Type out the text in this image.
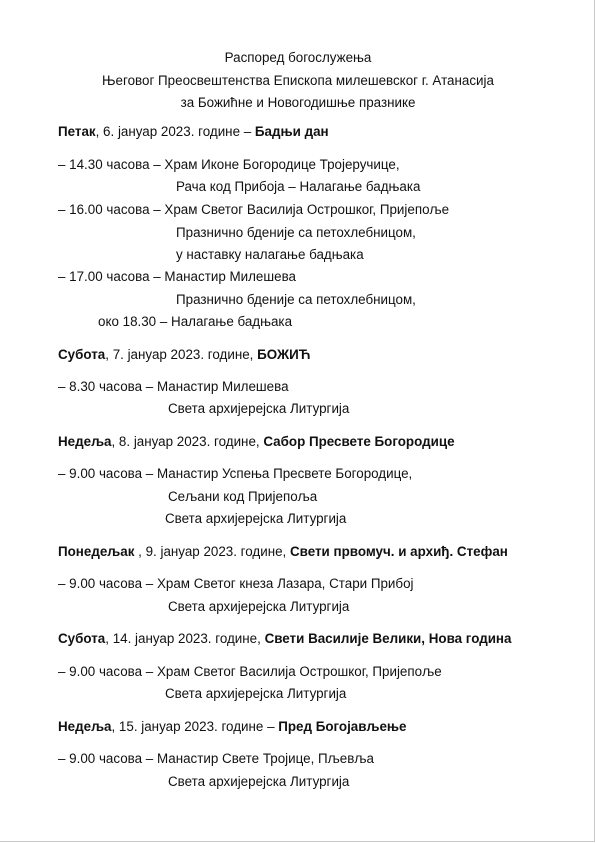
Распоред богослужења
Његовог Преосвештенства Епископа милешевског г. Атанасија
за Божићне и Новогодишње празнике
Петак, 6. јануар 2023. године – Бадњи дан
– 14.30 часова – Храм Иконе Богородице Тројеручице,
Рача код Прибоја – Налагање бадњака
– 16.00 часова – Храм Светог Василија Острошког, Пријепоље
Празнично бденије са петохлебницом,
у наставку налагање бадњака
– 17.00 часова – Манастир Милешева
Празнично бденије са петохлебницом,
око 18.30 – Налагање бадњака
Субота, 7. јануар 2023. године, БОЖИЋ
– 8.30 часова – Манастир Милешева
Света архијерејска Литургија
Недеља, 8. јануар 2023. године, Сабор Пресвете Богородице
– 9.00 часова – Манастир Успења Пресвете Богородице,
Сељани код Пријепоља
Света архијерејска Литургија
Понедељак , 9. јануар 2023. године, Свети првомуч. и архиђ. Стефан
– 9.00 часова – Храм Светог кнеза Лазара, Стари Прибој
Света архијерејска Литургија
Субота, 14. јануар 2023. године, Свети Василије Велики, Нова година
– 9.00 часова – Храм Светог Василија Острошког, Пријепоље
Света архијерејска Литургија
Недеља, 15. јануар 2023. године – Пред Богојављење
– 9.00 часова – Манастир Свете Тројице, Пљевља
Света архијерејска Литургија
